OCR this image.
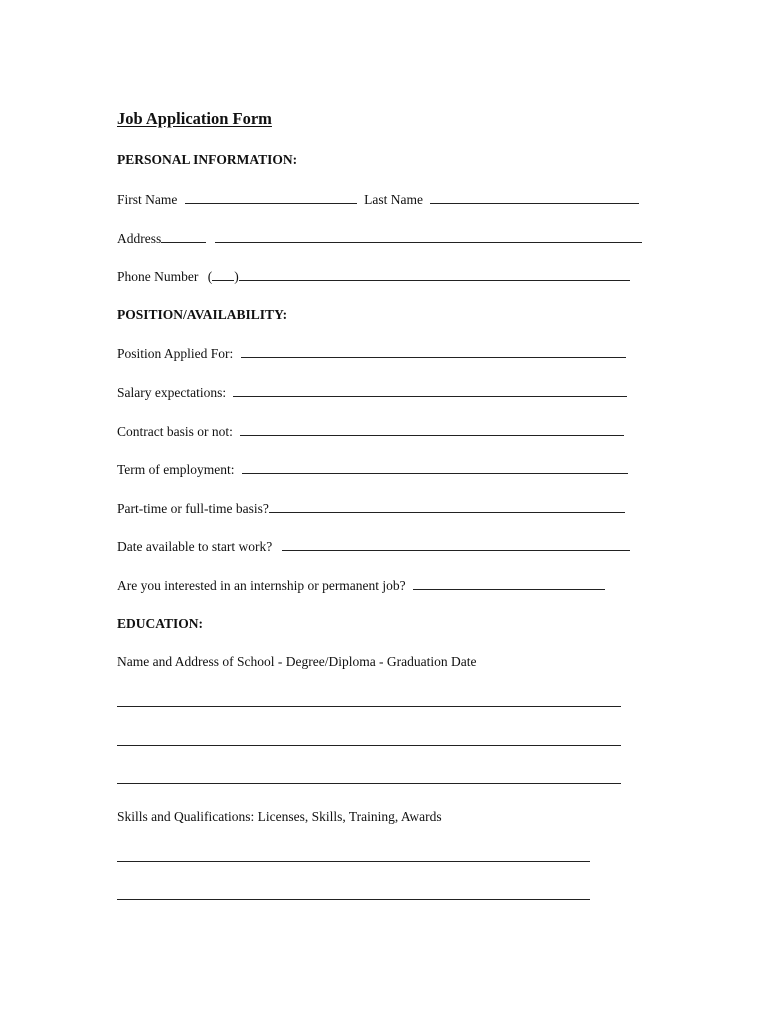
Job Application Form
PERSONAL INFORMATION:
First Name	Last Name
Address
Phone Number ( )
POSITION/AVAILABILITY:
Position Applied For:
Salary expectations:
Contract basis or not:
Term of employment:
Part-time or full-time basis?
Date available to start work?
Are you interested in an internship or permanent job?
EDUCATION:
Name and Address of School - Degree/Diploma - Graduation Date
Skills and Qualifications: Licenses, Skills, Training, Awards
